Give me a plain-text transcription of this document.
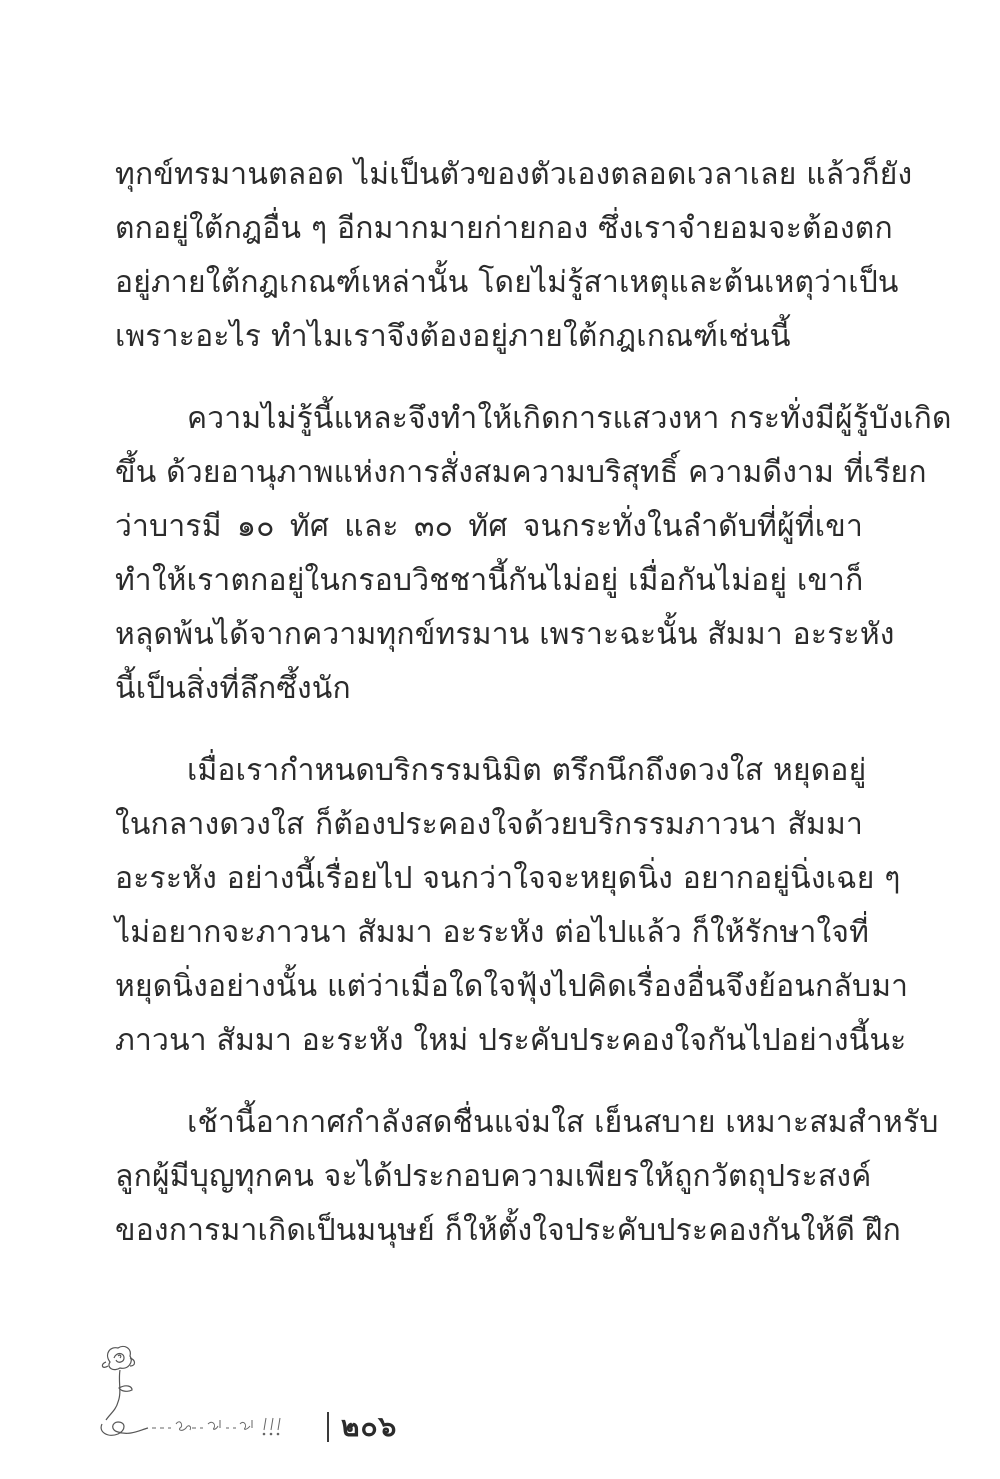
ทุกข์ทรมานตลอด ไม่เป็นตัวของตัวเองตลอดเวลาเลย แล้วก็ยัง
ตกอยู่ใต้กฎอื่น ๆ อีกมากมายก่ายกอง ซึ่งเราจำยอมจะต้องตก
อยู่ภายใต้กฎเกณฑ์เหล่านั้น โดยไม่รู้สาเหตุและต้นเหตุว่าเป็น
เพราะอะไร ทำไมเราจึงต้องอยู่ภายใต้กฎเกณฑ์เช่นนี้
ความไม่รู้นี้แหละจึงทำให้เกิดการแสวงหา กระทั่งมีผู้รู้บังเกิด
ขึ้น ด้วยอานุภาพแห่งการสั่งสมความบริสุทธิ์ ความดีงาม ที่เรียก
ว่าบารมี ๑๐ ทัศ และ ๓๐ ทัศ จนกระทั่งในลำดับที่ผู้ที่เขา
ทำให้เราตกอยู่ในกรอบวิชชานี้กันไม่อยู่ เมื่อกันไม่อยู่ เขาก็
หลุดพ้นได้จากความทุกข์ทรมาน เพราะฉะนั้น สัมมา อะระหัง
นี้เป็นสิ่งที่ลึกซึ้งนัก
เมื่อเรากำหนดบริกรรมนิมิต ตรึกนึกถึงดวงใส หยุดอยู่
ในกลางดวงใส ก็ต้องประคองใจด้วยบริกรรมภาวนา สัมมา
อะระหัง อย่างนี้เรื่อยไป จนกว่าใจจะหยุดนิ่ง อยากอยู่นิ่งเฉย ๆ
ไม่อยากจะภาวนา สัมมา อะระหัง ต่อไปแล้ว ก็ให้รักษาใจที่
หยุดนิ่งอย่างนั้น แต่ว่าเมื่อใดใจฟุ้งไปคิดเรื่องอื่นจึงย้อนกลับมา
ภาวนา สัมมา อะระหัง ใหม่ ประคับประคองใจกันไปอย่างนี้นะ
เช้านี้อากาศกำลังสดชื่นแจ่มใส เย็นสบาย เหมาะสมสำหรับ
ลูกผู้มีบุญทุกคน จะได้ประกอบความเพียรให้ถูกวัตถุประสงค์
ของการมาเกิดเป็นมนุษย์ ก็ให้ตั้งใจประคับประคองกันให้ดี ฝึก
๒๐๖
